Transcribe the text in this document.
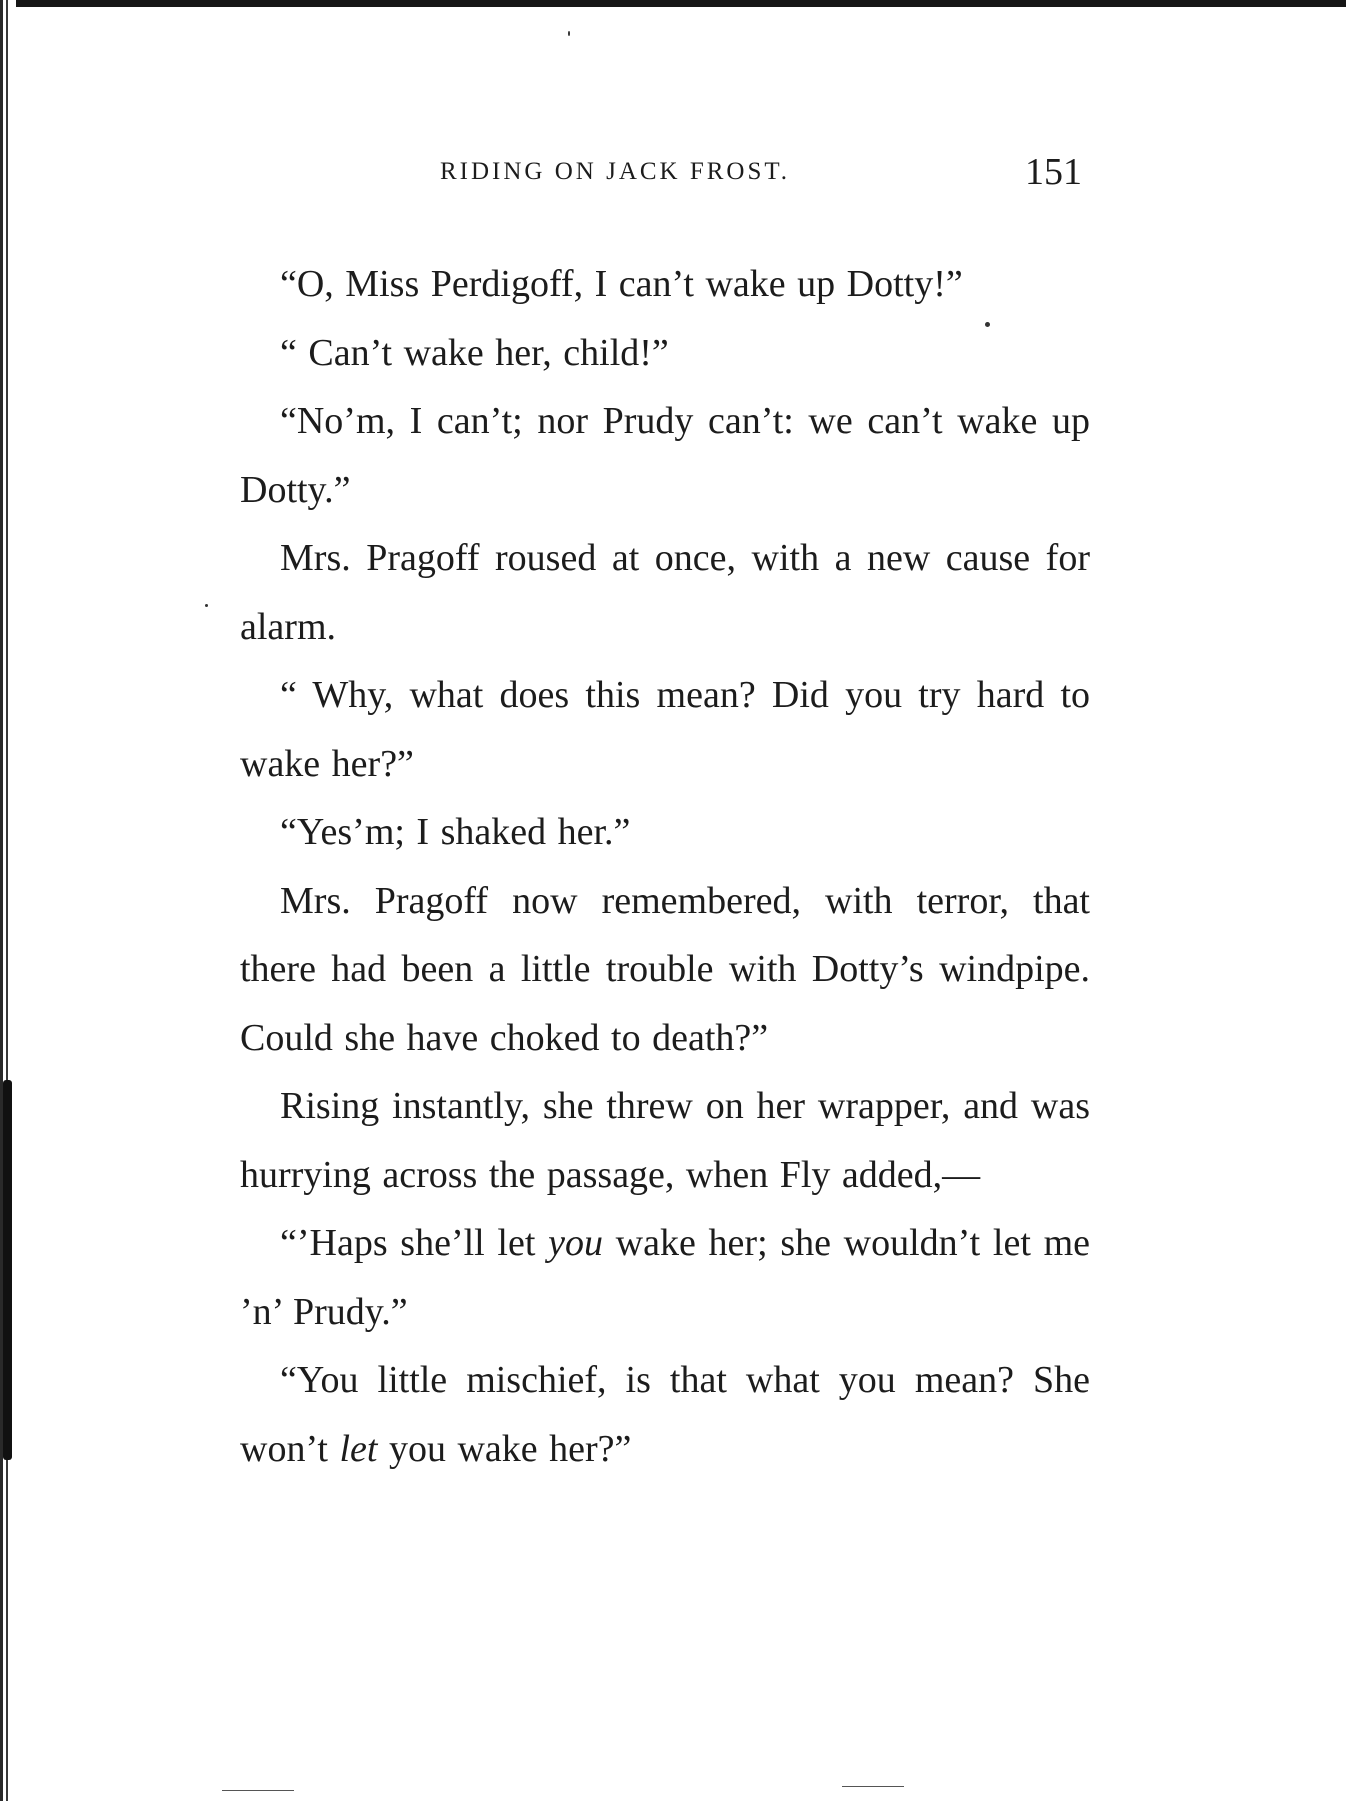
RIDING ON JACK FROST.	151

“O, Miss Perdigoff, I can’t wake up Dotty!”

“ Can’t wake her, child!”

“No’m, I can’t; nor Prudy can’t: we can’t wake up Dotty.”

Mrs. Pragoff roused at once, with a new cause for alarm.

“ Why, what does this mean? Did you try hard to wake her?”

“Yes’m; I shaked her.”

Mrs. Pragoff now remembered, with terror, that there had been a little trouble with Dotty’s windpipe. Could she have choked to death?”

Rising instantly, she threw on her wrapper, and was hurrying across the passage, when Fly added,—

“’Haps she’ll let you wake her; she wouldn’t let me ’n’ Prudy.”

“You little mischief, is that what you mean? She won’t let you wake her?”
